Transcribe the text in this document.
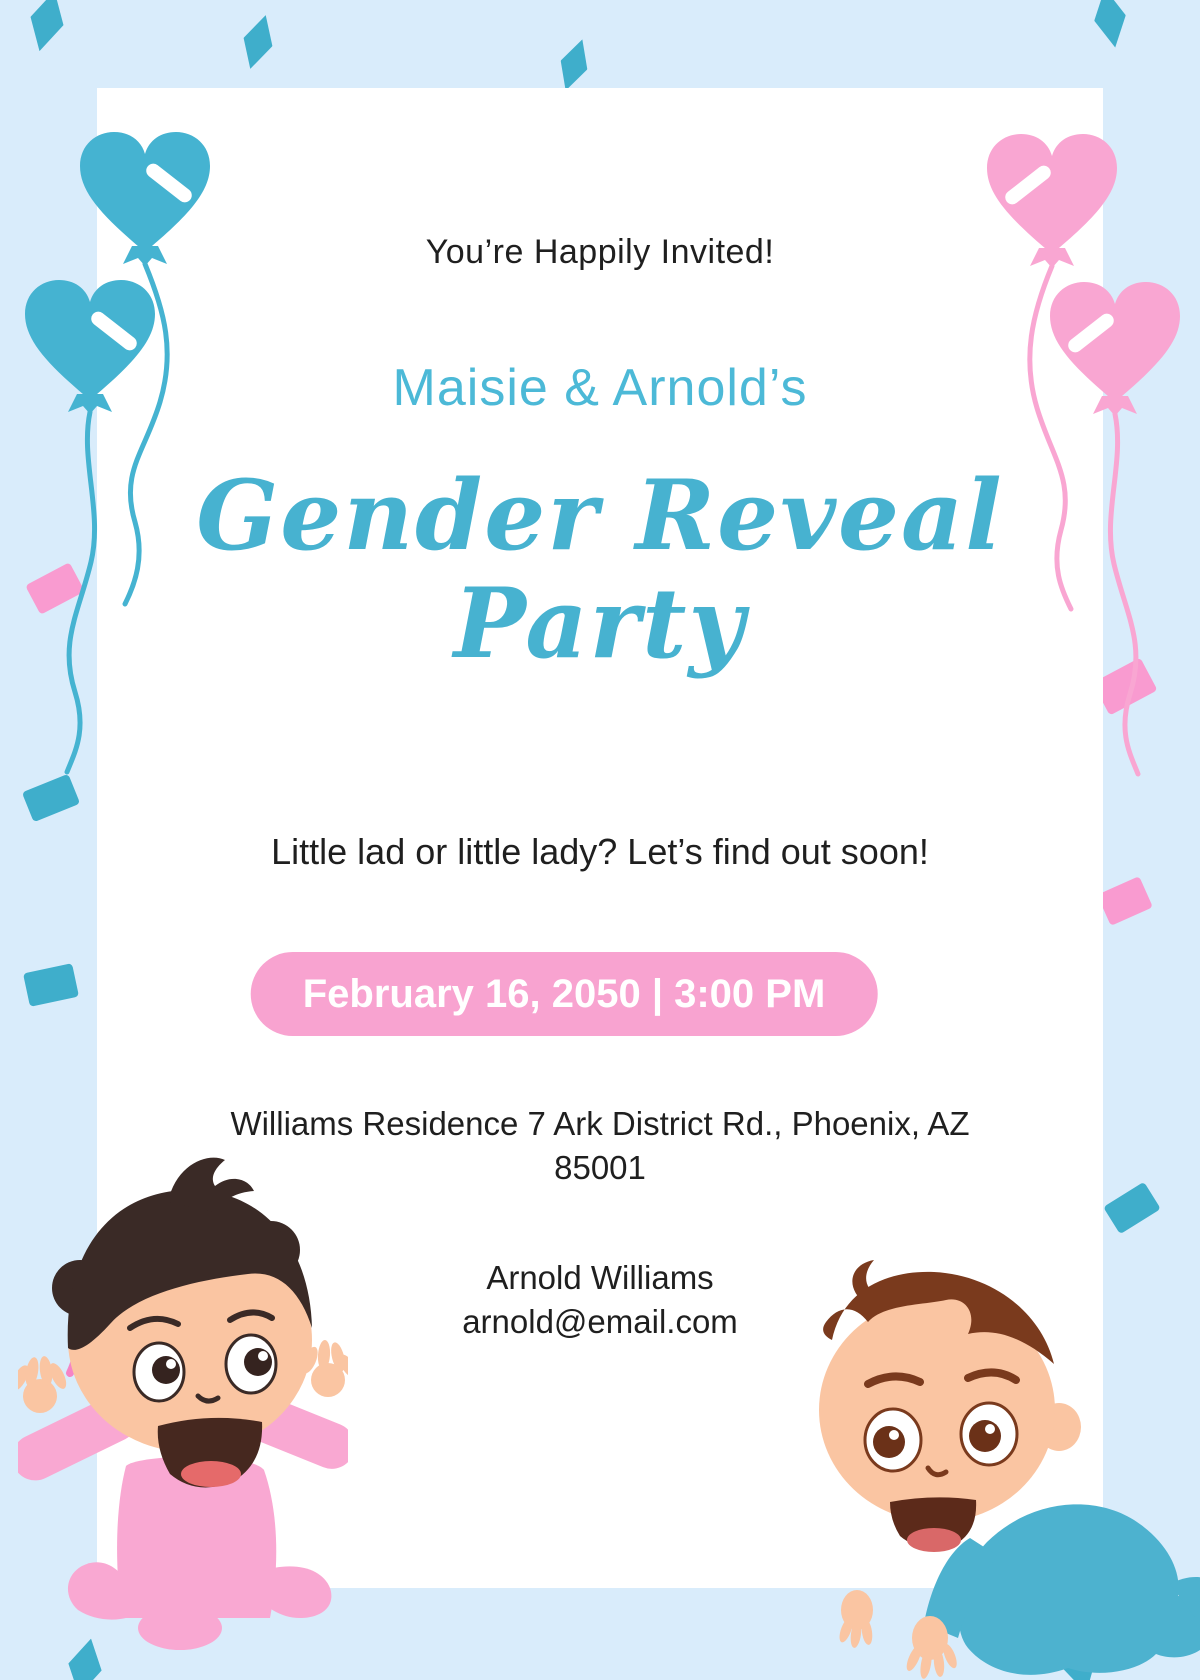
You’re Happily Invited!
Maisie & Arnold’s
Gender Reveal
Party
Little lad or little lady? Let’s find out soon!
February 16, 2050 | 3:00 PM
Williams Residence 7 Ark District Rd., Phoenix, AZ
85001
Arnold Williams
arnold@email.com
